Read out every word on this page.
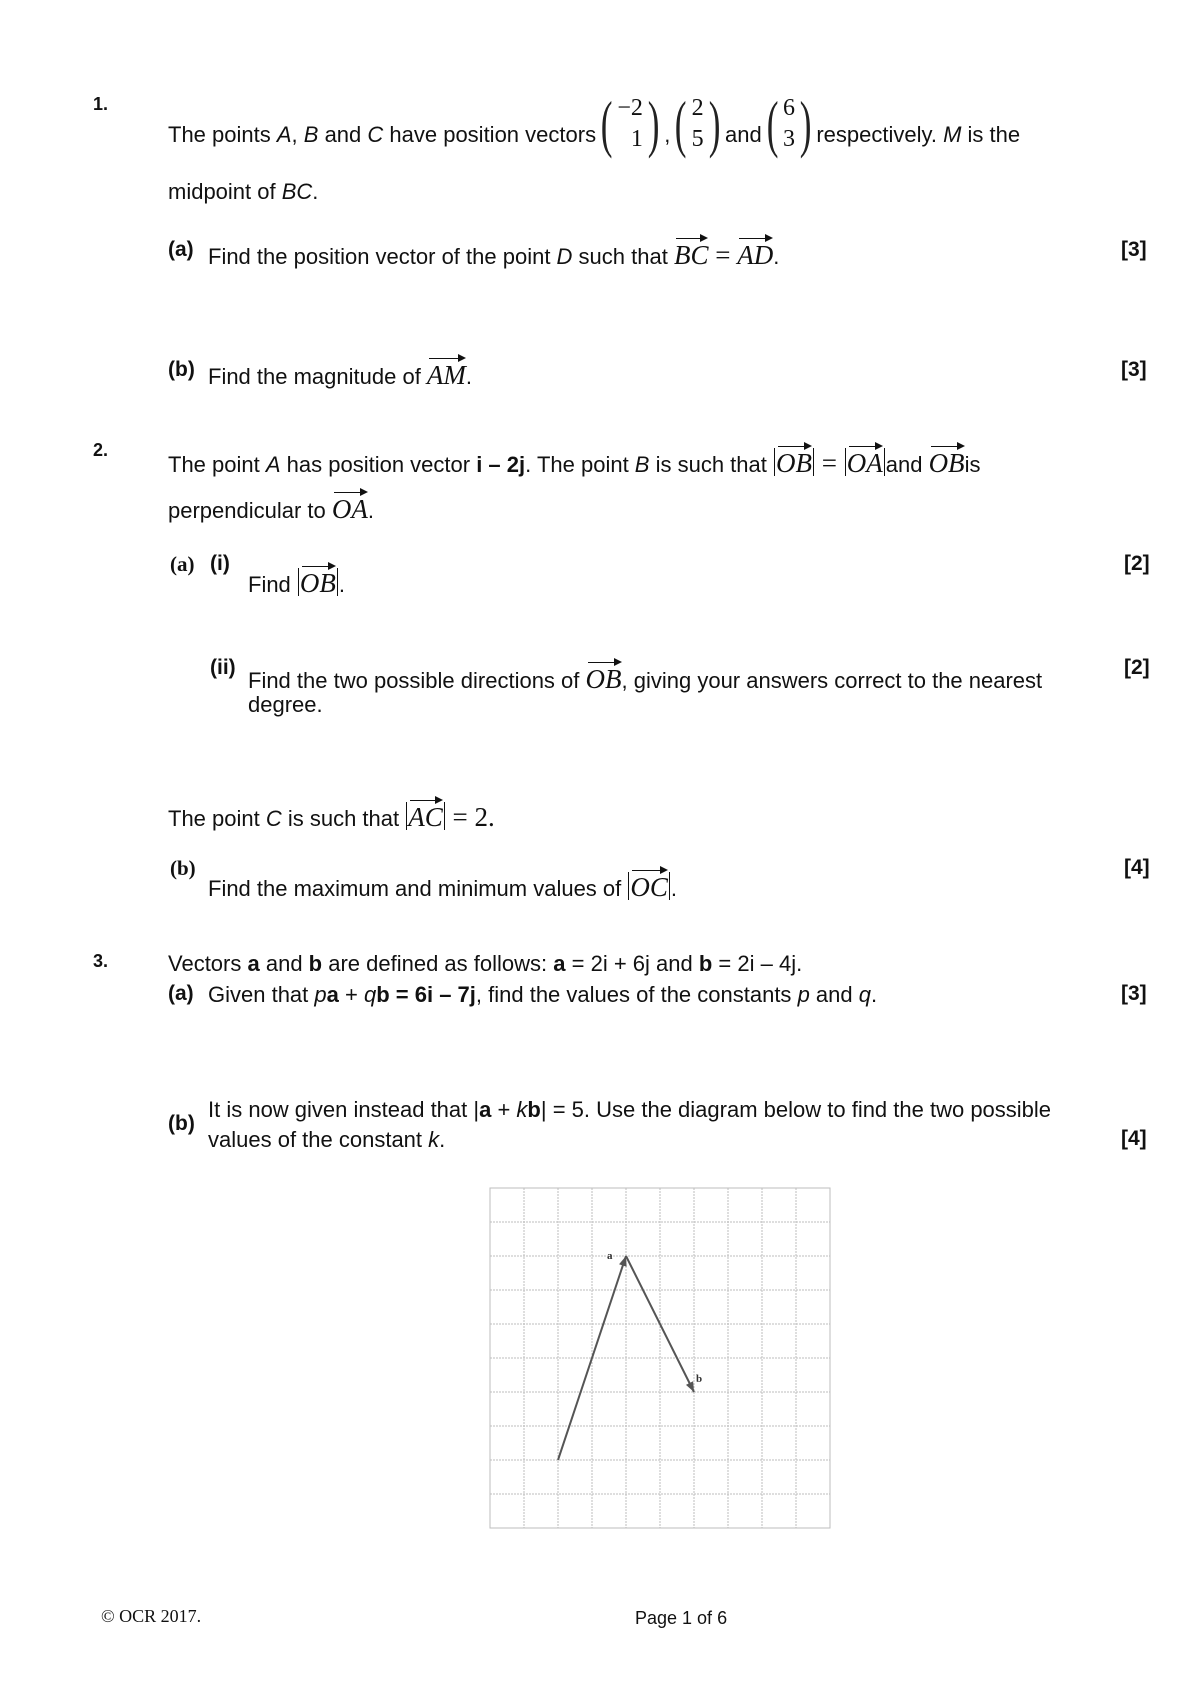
1.
The points A, B and C have position vectors ( −2
1 ) , ( 2
5 ) and ( 6
3 ) respectively. M is the
midpoint of BC.
(a) Find the position vector of the point D such that BC = AD.	[3]
(b) Find the magnitude of AM.	[3]
2.
The point A has position vector i – 2j. The point B is such that OB = OA and OBis
perpendicular to OA.
(a) (i)
Find OB .
[2]
(ii)
Find the two possible directions of OB, giving your answers correct to the nearest
degree.
[2]
The point C is such that AC = 2.
(b)
Find the maximum and minimum values of OC .
[4]
3.	Vectors a and b are defined as follows: a = 2i + 6j and b = 2i – 4j.
(a) Given that pa + qb = 6i – 7j, find the values of the constants p and q.	[3]
(b)
It is now given instead that |a + kb| = 5. Use the diagram below to find the two possible
values of the constant k.	[4]
a
b
© OCR 2017.	Page 1 of 6
